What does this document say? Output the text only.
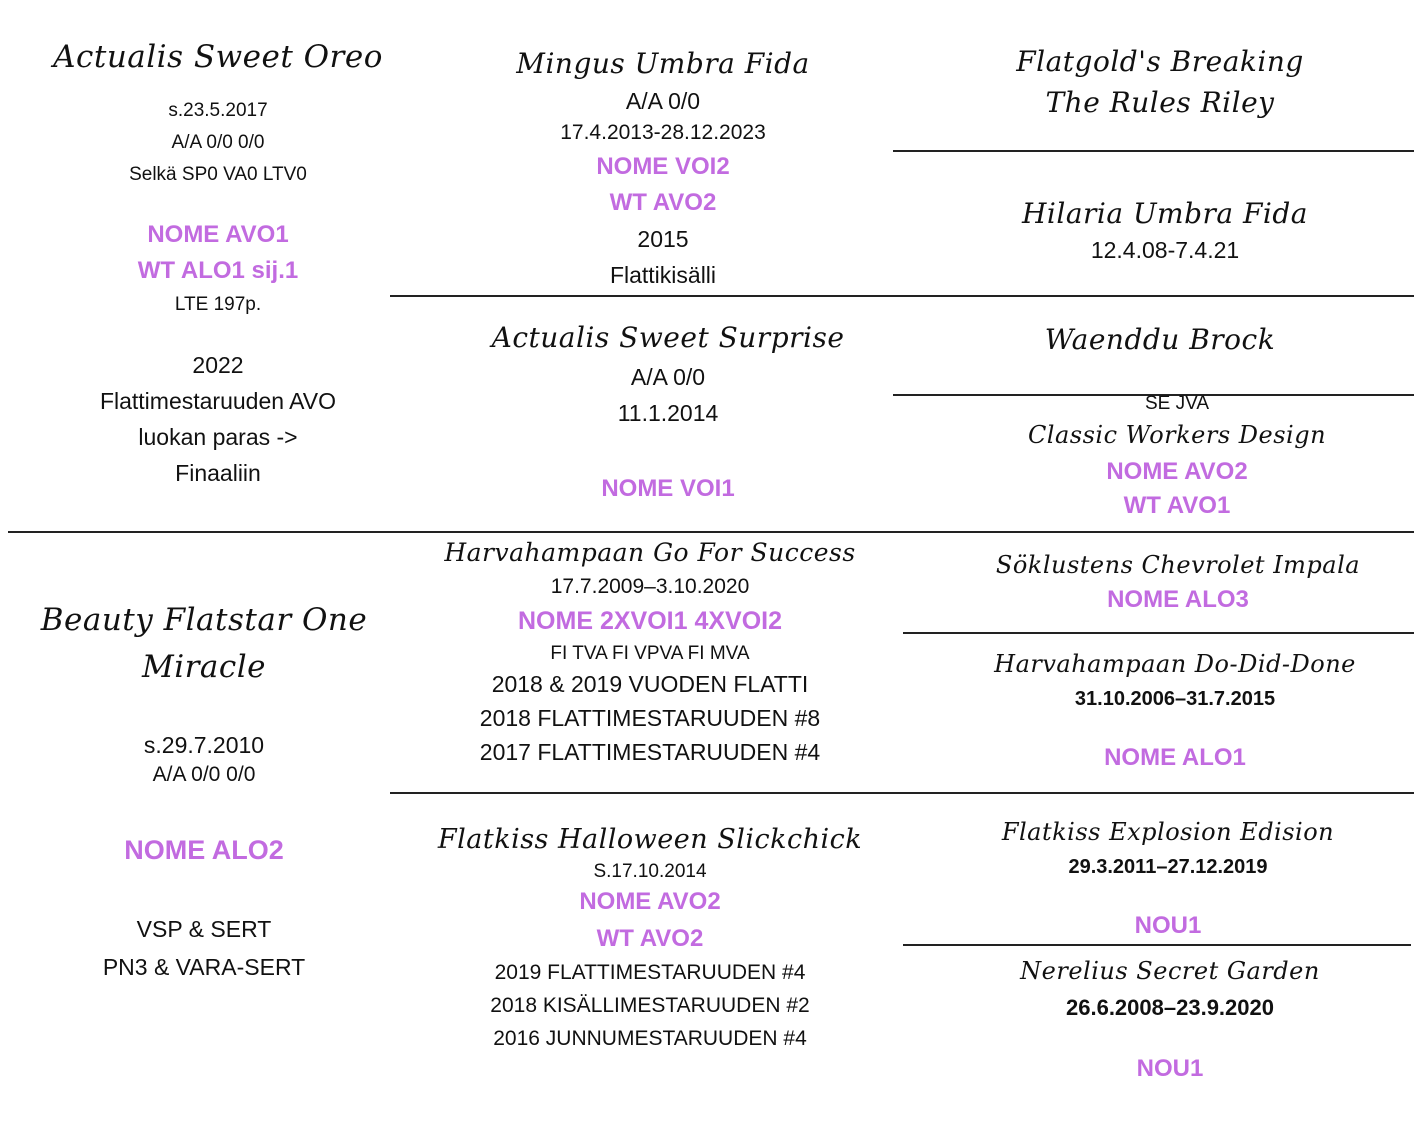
Actualis Sweet Oreo
s.23.5.2017
A/A 0/0 0/0
Selkä SP0 VA0 LTV0
NOME AVO1
WT ALO1 sij.1
LTE 197p.
2022
Flattimestaruuden AVO
luokan paras ->
Finaaliin
Mingus Umbra Fida
A/A 0/0
17.4.2013-28.12.2023
NOME VOI2
WT AVO2
2015
Flattikisälli
Flatgold's Breaking
The Rules Riley
Hilaria Umbra Fida
12.4.08-7.4.21
Actualis Sweet Surprise
A/A 0/0
11.1.2014
NOME VOI1
Waenddu Brock
SE JVA
Classic Workers Design
NOME AVO2
WT AVO1
Beauty Flatstar One
Miracle
s.29.7.2010
A/A 0/0 0/0
NOME ALO2
VSP & SERT
PN3 & VARA-SERT
Harvahampaan Go For Success
17.7.2009–3.10.2020
NOME 2XVOI1 4XVOI2
FI TVA FI VPVA FI MVA
2018 & 2019 VUODEN FLATTI
2018 FLATTIMESTARUUDEN #8
2017 FLATTIMESTARUUDEN #4
Söklustens Chevrolet Impala
NOME ALO3
Harvahampaan Do-Did-Done
31.10.2006–31.7.2015
NOME ALO1
Flatkiss Halloween Slickchick
S.17.10.2014
NOME AVO2
WT AVO2
2019 FLATTIMESTARUUDEN #4
2018 KISÄLLIMESTARUUDEN #2
2016 JUNNUMESTARUUDEN #4
Flatkiss Explosion Edision
29.3.2011–27.12.2019
NOU1
Nerelius Secret Garden
26.6.2008–23.9.2020
NOU1
